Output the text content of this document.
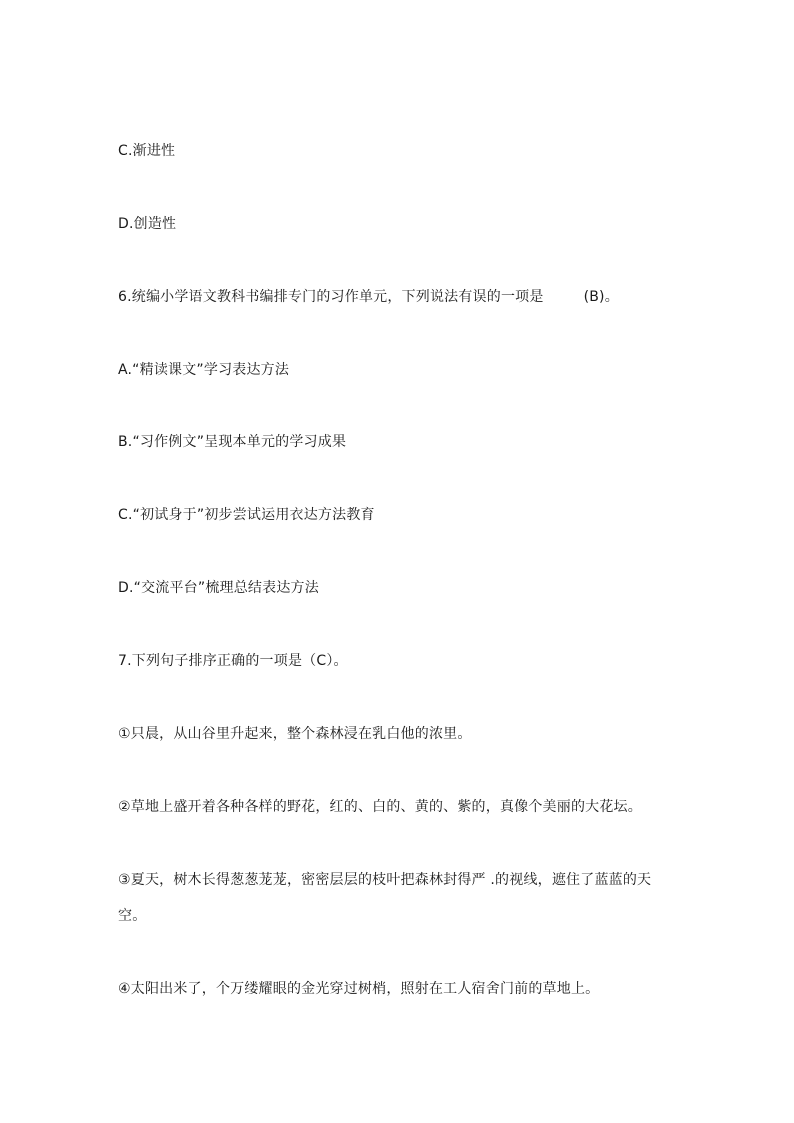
C.渐进性
D.创造性
6.统编小学语文教科书编排专门的习作单元，下列说法有误的一项是	(B)。
A.“精读课文”学习表达方法
B.“习作例文”呈现本单元的学习成果
C.“初试身于”初步尝试运用衣达方法教育
D.“交流平台”梳理总结表达方法
7.下列句子排序正确的一项是（C）。
①只晨，从山谷里升起来，整个森林浸在乳白他的浓里。
②草地上盛开着各种各样的野花，红的、白的、黄的、紫的，真像个美丽的大花坛。
③夏天，树木长得葱葱茏茏，密密层层的枝叶把森林封得严 .的视线，遮住了蓝蓝的天
空。
④太阳出米了，个万缕耀眼的金光穿过树梢，照射在工人宿舍门前的草地上。
